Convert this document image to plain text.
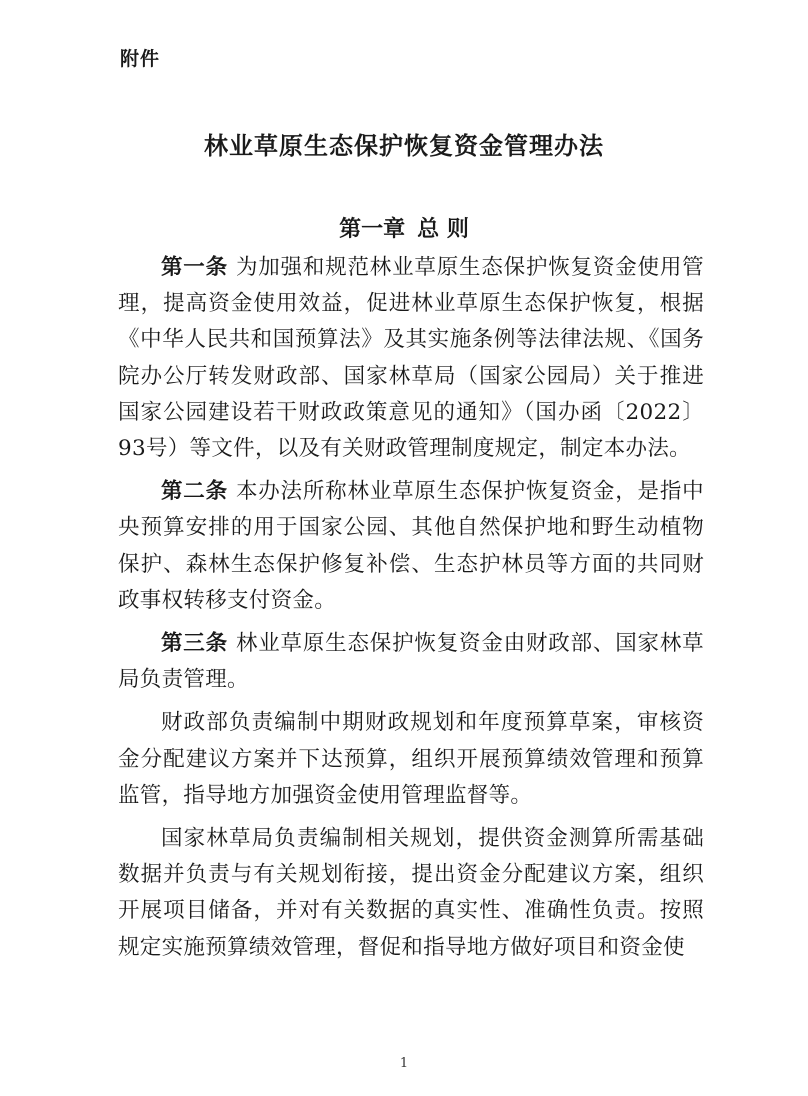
附件
林业草原生态保护恢复资金管理办法
第一章 总 则

第一条 为加强和规范林业草原生态保护恢复资金使用管理，提高资金使用效益，促进林业草原生态保护恢复，根据《中华人民共和国预算法》及其实施条例等法律法规、《国务院办公厅转发财政部、国家林草局（国家公园局）关于推进国家公园建设若干财政政策意见的通知》（国办函〔2022〕93号）等文件，以及有关财政管理制度规定，制定本办法。

第二条 本办法所称林业草原生态保护恢复资金，是指中央预算安排的用于国家公园、其他自然保护地和野生动植物保护、森林生态保护修复补偿、生态护林员等方面的共同财政事权转移支付资金。

第三条 林业草原生态保护恢复资金由财政部、国家林草局负责管理。

财政部负责编制中期财政规划和年度预算草案，审核资金分配建议方案并下达预算，组织开展预算绩效管理和预算监管，指导地方加强资金使用管理监督等。

国家林草局负责编制相关规划，提供资金测算所需基础数据并负责与有关规划衔接，提出资金分配建议方案，组织开展项目储备，并对有关数据的真实性、准确性负责。按照规定实施预算绩效管理，督促和指导地方做好项目和资金使

1
